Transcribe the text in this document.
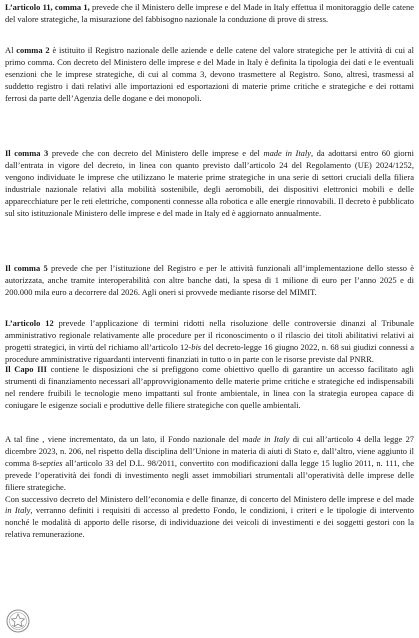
L’articolo 11, comma 1, prevede che il Ministero delle imprese e del Made in Italy effettua il monitoraggio delle catene del valore strategiche, la misurazione del fabbisogno nazionale la conduzione di prove di stress.

Al comma 2 è istituito il Registro nazionale delle aziende e delle catene del valore strategiche per le attività di cui al primo comma. Con decreto del Ministero delle imprese e del Made in Italy è definita la tipologia dei dati e le eventuali esenzioni che le imprese strategiche, di cui al comma 3, devono trasmettere al Registro. Sono, altresì, trasmessi al suddetto registro i dati relativi alle importazioni ed esportazioni di materie prime critiche e strategiche e dei rottami ferrosi da parte dell’Agenzia delle dogane e dei monopoli.

Il comma 3 prevede che con decreto del Ministero delle imprese e del made in Italy, da adottarsi entro 60 giorni dall’entrata in vigore del decreto, in linea con quanto previsto dall’articolo 24 del Regolamento (UE) 2024/1252, vengono individuate le imprese che utilizzano le materie prime strategiche in una serie di settori cruciali della filiera industriale nazionale relativi alla mobilità sostenibile, degli aeromobili, dei dispositivi elettronici mobili e delle apparecchiature per le reti elettriche, componenti connesse alla robotica e alle energie rinnovabili. Il decreto è pubblicato sul sito istituzionale Ministero delle imprese e del made in Italy ed è aggiornato annualmente.

Il comma 5 prevede che per l’istituzione del Registro e per le attività funzionali all’implementazione dello stesso è autorizzata, anche tramite interoperabilità con altre banche dati, la spesa di 1 milione di euro per l’anno 2025 e di 200.000 mila euro a decorrere dal 2026. Agli oneri si provvede mediante risorse del MIMIT.

L’articolo 12 prevede l’applicazione di termini ridotti nella risoluzione delle controversie dinanzi al Tribunale amministrativo regionale relativamente alle procedure per il riconoscimento o il rilascio dei titoli abilitativi relativi ai progetti strategici, in virtù del richiamo all’articolo 12-bis del decreto-legge 16 giugno 2022, n. 68 sui giudizi connessi a procedure amministrative riguardanti interventi finanziati in tutto o in parte con le risorse previste dal PNRR.

Il Capo III contiene le disposizioni che si prefiggono come obiettivo quello di garantire un accesso facilitato agli strumenti di finanziamento necessari all’approvvigionamento delle materie prime critiche e strategiche ed indispensabili nel rendere fruibili le tecnologie meno impattanti sul fronte ambientale, in linea con la strategia europea capace di coniugare le esigenze sociali e produttive delle filiere strategiche con quelle ambientali.

A tal fine , viene incrementato, da un lato, il Fondo nazionale del made in Italy di cui all’articolo 4 della legge 27 dicembre 2023, n. 206, nel rispetto della disciplina dell’Unione in materia di aiuti di Stato e, dall’altro, viene aggiunto il comma 8-septies all’articolo 33 del D.L. 98/2011, convertito con modificazioni dalla legge 15 luglio 2011, n. 111, che prevede l’operatività dei fondi di investimento negli asset immobiliari strumentali all’operatività delle imprese delle filiere strategiche.
Con successivo decreto del Ministero dell’economia e delle finanze, di concerto del Ministero delle imprese e del made in Italy, verranno definiti i requisiti di accesso al predetto Fondo, le condizioni, i criteri e le tipologie di intervento nonché le modalità di apporto delle risorse, di individuazione dei veicoli di investimenti e dei soggetti gestori con la relativa remunerazione.
